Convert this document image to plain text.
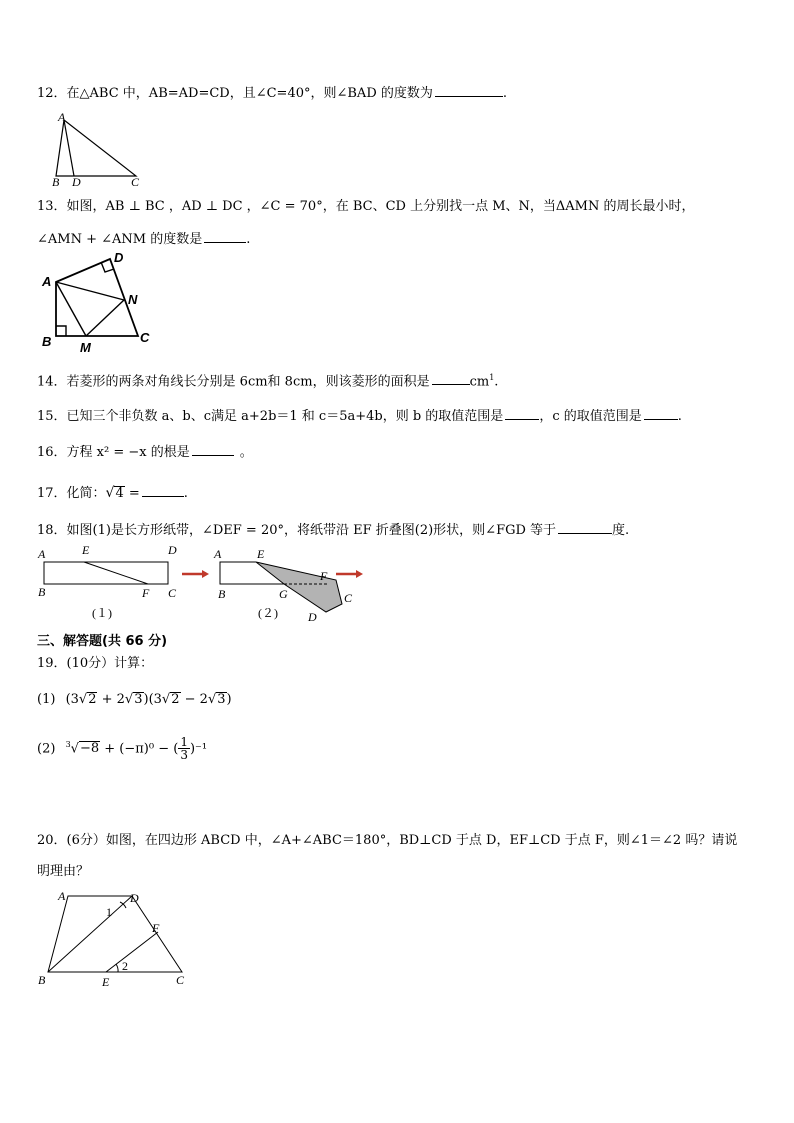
12．在△ABC 中，AB=AD=CD，且∠C=40°，则∠BAD 的度数为	.
A
B D	C
13．如图，AB ⊥ BC ，AD ⊥ DC ，∠C = 70°，在 BC、CD 上分别找一点 M、N，当ΔAMN 的周长最小时，
∠AMN + ∠ANM 的度数是	.
A
B	C
D
M
N
14．若菱形的两条对角线长分别是 6cm和 8cm，则该菱形的面积是	$cm^1$.
15．已知三个非负数 a、b、c满足 a+2b＝1 和 c＝5a+4b，则 b 的取值范围是	，c 的取值范围是	.
16．方程 x² = −x 的根是	。
17．化简：√4 =	.
18．如图(1)是长方形纸带，∠DEF = 20°，将纸带沿 EF 折叠图(2)形状，则∠FGD 等于	度.
A	E	D
B	F C
(１)
A	E
F
B	G	C
D
(２)
三、解答题(共 66 分)
19．(10分）计算：
(1) (3√2 + 2√3)(3√2 − 2√3)
(2) $^3$√−8 + (−π)⁰ − ( $\frac{1}{3} )^{-1}$
20．(6分）如图，在四边形 ABCD 中，∠A+∠ABC＝180°，BD⊥CD 于点 D，EF⊥CD 于点 F，则∠1＝∠2 吗？请说
明理由？
A	D
B	E	C
F
1
2
